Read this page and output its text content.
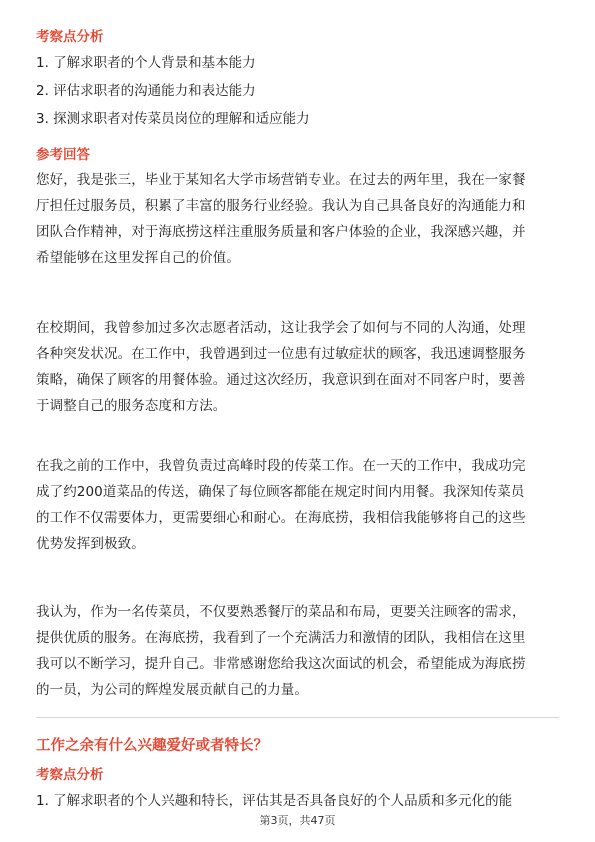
考察点分析
1. 了解求职者的个人背景和基本能力
2. 评估求职者的沟通能力和表达能力
3. 探测求职者对传菜员岗位的理解和适应能力
参考回答

您好，我是张三，毕业于某知名大学市场营销专业。在过去的两年里，我在一家餐
厅担任过服务员，积累了丰富的服务行业经验。我认为自己具备良好的沟通能力和
团队合作精神，对于海底捞这样注重服务质量和客户体验的企业，我深感兴趣，并
希望能够在这里发挥自己的价值。

在校期间，我曾参加过多次志愿者活动，这让我学会了如何与不同的人沟通，处理
各种突发状况。在工作中，我曾遇到过一位患有过敏症状的顾客，我迅速调整服务
策略，确保了顾客的用餐体验。通过这次经历，我意识到在面对不同客户时，要善
于调整自己的服务态度和方法。

在我之前的工作中，我曾负责过高峰时段的传菜工作。在一天的工作中，我成功完
成了约200道菜品的传送，确保了每位顾客都能在规定时间内用餐。我深知传菜员
的工作不仅需要体力，更需要细心和耐心。在海底捞，我相信我能够将自己的这些
优势发挥到极致。

我认为，作为一名传菜员，不仅要熟悉餐厅的菜品和布局，更要关注顾客的需求，
提供优质的服务。在海底捞，我看到了一个充满活力和激情的团队，我相信在这里
我可以不断学习，提升自己。非常感谢您给我这次面试的机会，希望能成为海底捞
的一员，为公司的辉煌发展贡献自己的力量。

工作之余有什么兴趣爱好或者特长？
考察点分析
1. 了解求职者的个人兴趣和特长，评估其是否具备良好的个人品质和多元化的能
第3页，共47页
